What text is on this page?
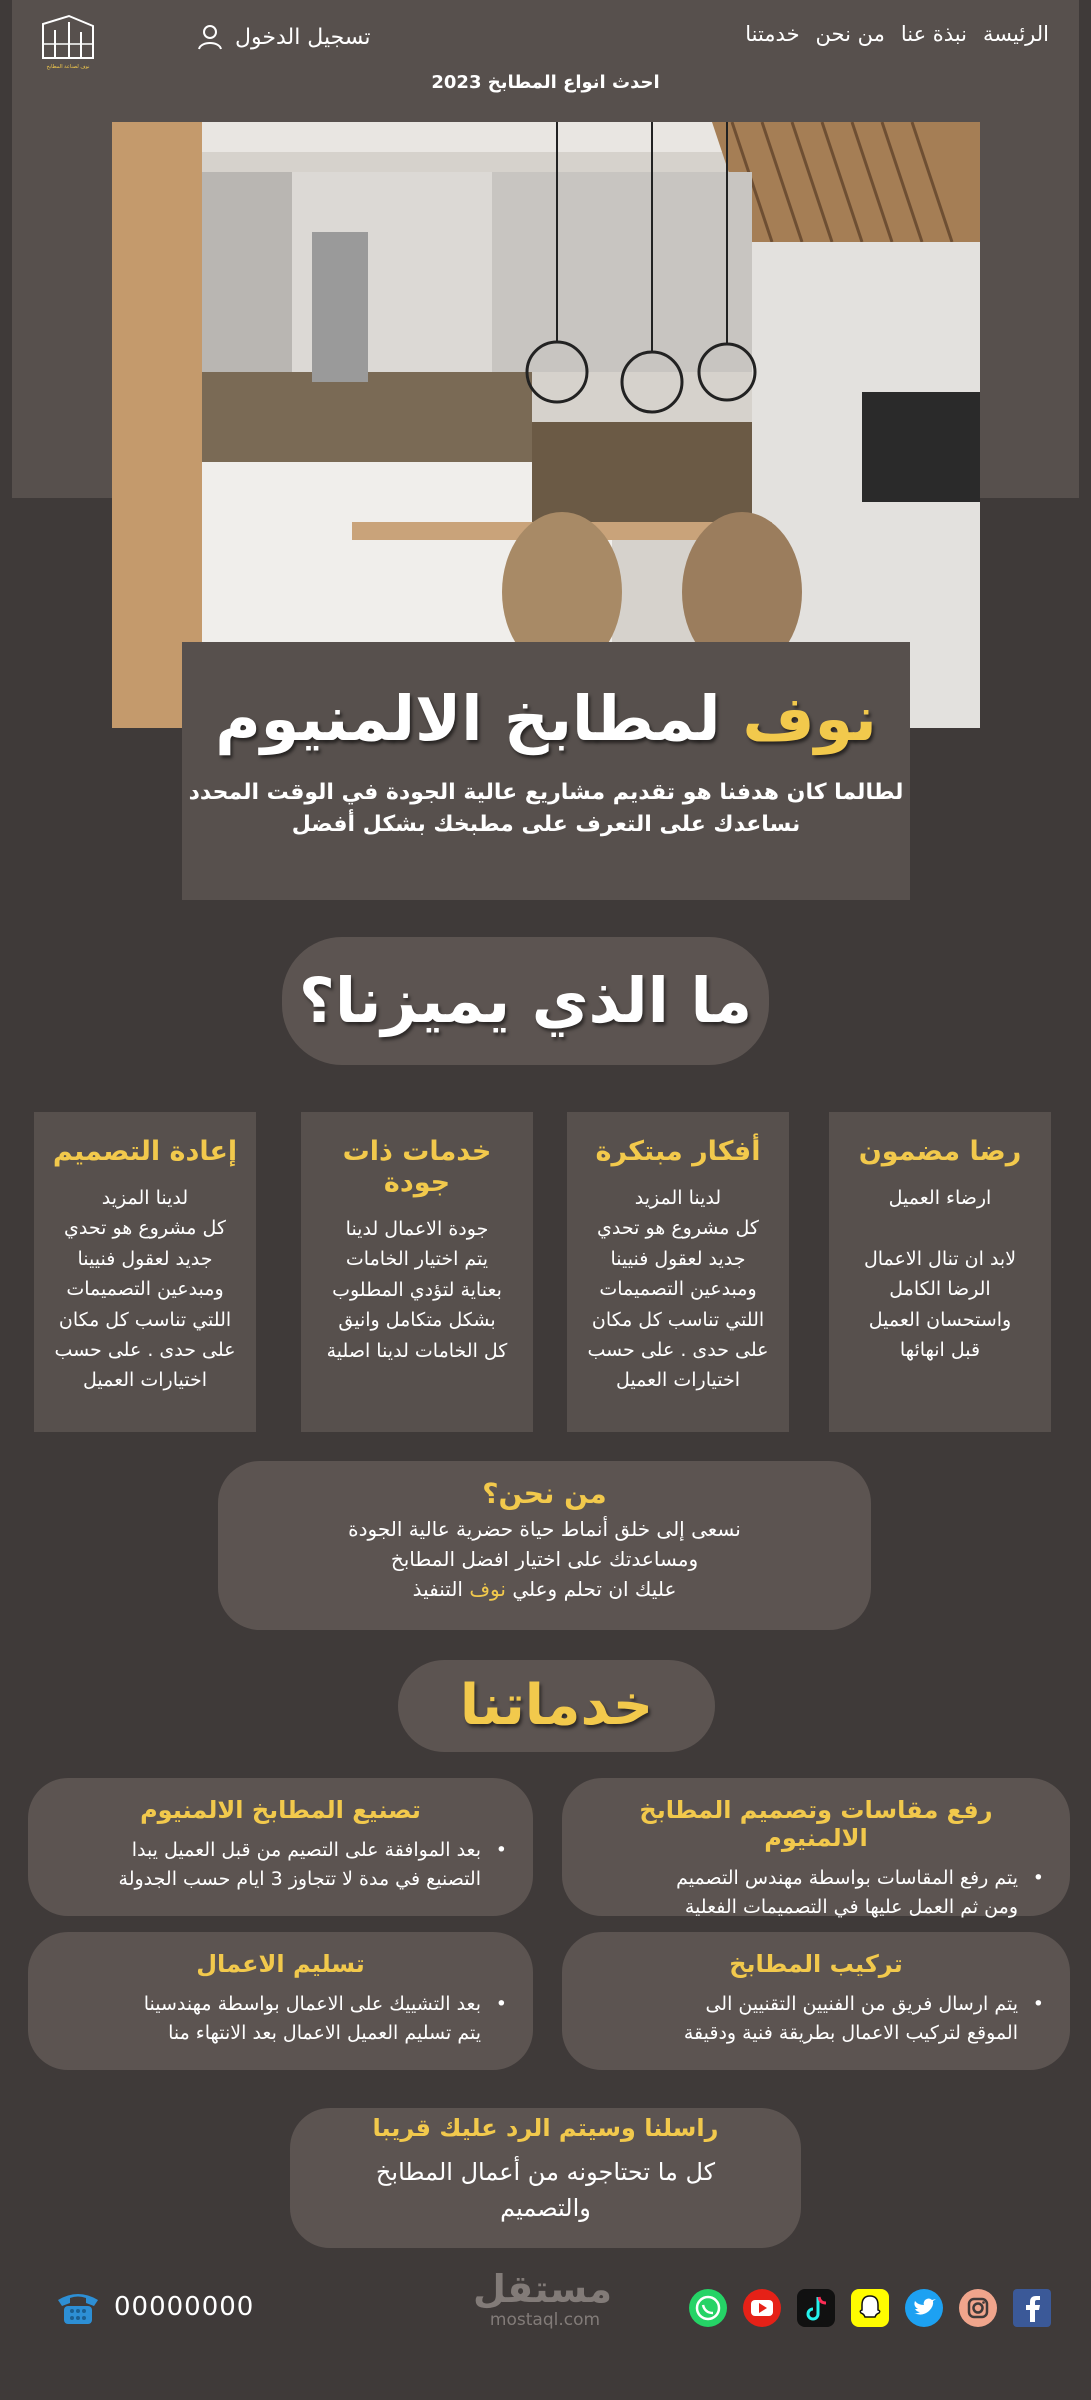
الرئيسة
نبذة عنا
من نحن
خدمتنا
تسجيل الدخول
نوف لصناعة المطابخ
احدث انواع المطابخ 2023
نوف
لمطابخ الالمنيوم
لطالما كان هدفنا هو تقديم مشاريع عالية الجودة في الوقت المحدد
نساعدك على التعرف على مطبخك بشكل أفضل
ما الذي يميزنا؟
رضا مضمون

ارضاء العميل

لابد ان تنال الاعمال
الرضا الكامل
واستحسان العميل
قبل انهائها

أفكار مبتكرة

لدينا المزيد
كل مشروع هو تحدي
جديد لعقول فنيينا
ومبدعين التصميمات
اللتي تناسب كل مكان
على حدى . على حسب
اختيارات العميل

خدمات ذات جودة

جودة الاعمال لدينا
يتم اختيار الخامات
بعناية لتؤدي المطلوب
بشكل متكامل وانيق
كل الخامات لدينا اصلية

إعادة التصميم

لدينا المزيد
كل مشروع هو تحدي
جديد لعقول فنيينا
ومبدعين التصميمات
اللتي تناسب كل مكان
على حدى . على حسب
اختيارات العميل

من نحن؟

نسعى إلى خلق أنماط حياة حضرية عالية الجودة

ومساعدتك على اختيار افضل المطابخ

عليك ان تحلم وعلي نوف التنفيذ

خدماتنا
رفع مقاسات وتصميم المطابخ الالمنيوم
• يتم رفع المقاسات بواسطة مهندس التصميم
ومن ثم العمل عليها في التصميمات الفعلية
تصنيع المطابخ الالمنيوم
• بعد الموافقة على التصيم من قبل العميل يبدا
التصنيع في مدة لا تتجاوز 3 ايام حسب الجدولة
تركيب المطابخ
• يتم ارسال فريق من الفنيين التقنيين الى
الموقع لتركيب الاعمال بطريقة فنية ودقيقة
تسليم الاعمال
• بعد التشييك على الاعمال بواسطة مهندسينا
يتم تسليم العميل الاعمال بعد الانتهاء منا
راسلنا وسيتم الرد عليك قريبا

كل ما تحتاجونه من أعمال المطابخ

والتصميم

00000000	مستقل
mostaql.com
